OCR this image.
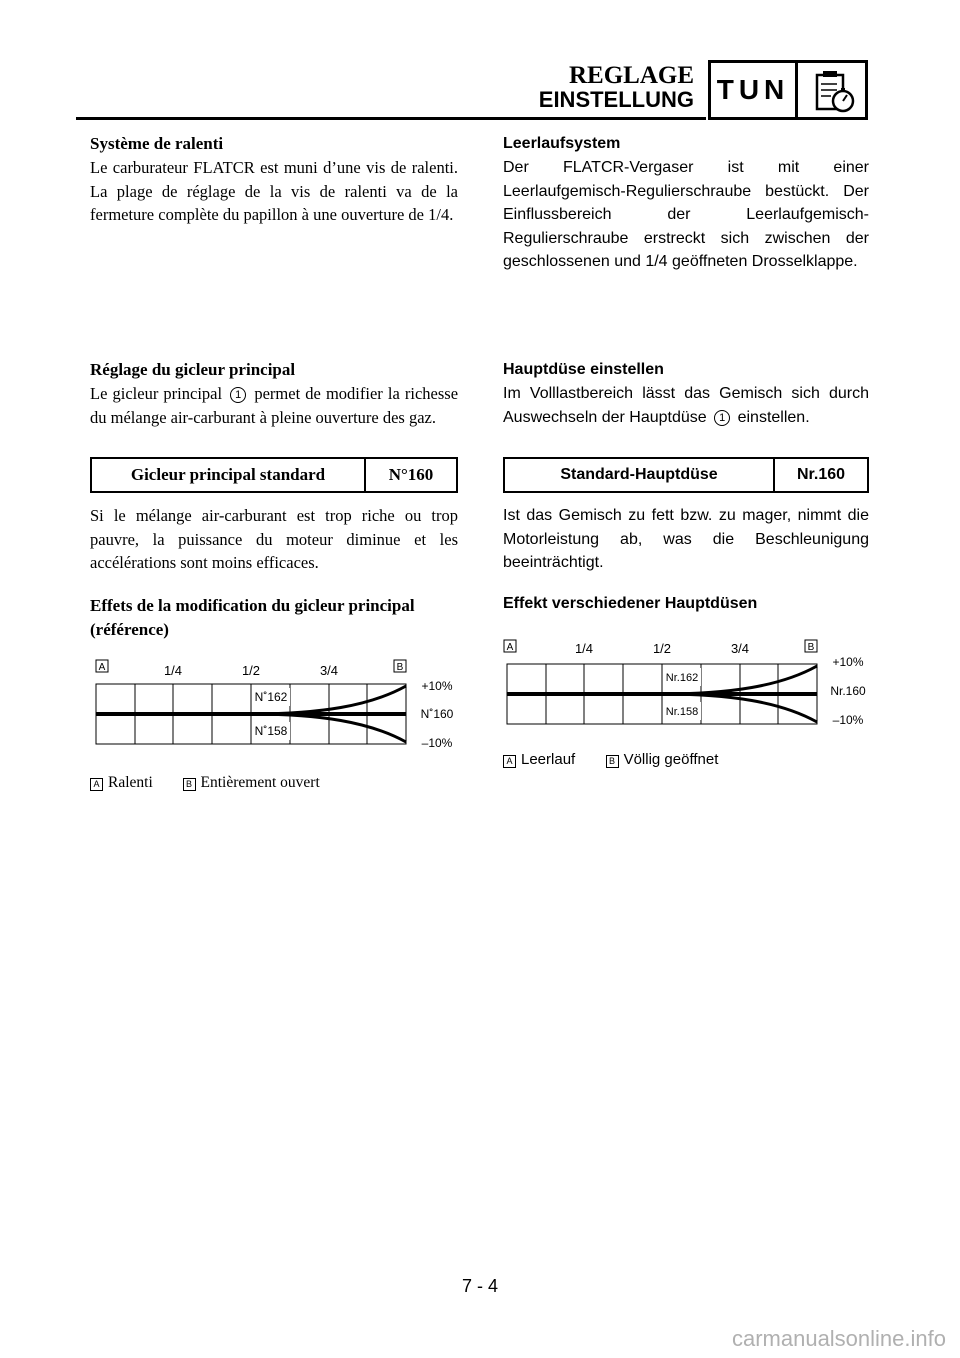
REGLAGE
EINSTELLUNG TUN
Système de ralenti

Le carburateur FLATCR est muni d’une vis de ralenti. La plage de réglage de la vis de ralenti va de la fermeture complète du papillon à une ouverture de 1/4.

Réglage du gicleur principal

Le gicleur principal 1 permet de modifier la richesse du mélange air-carburant à pleine ouverture des gaz.

Gicleur principal standard	N°160

Si le mélange air-carburant est trop riche ou trop pauvre, la puissance du moteur diminue et les accélérations sont moins efficaces.

Effets de la modification du gicleur principal
(référence)
A	B
1/4	1/2	3/4
N˚162
N˚158
+10%
N˚160
–10%
A Ralenti	B Entièrement ouvert
Leerlaufsystem

Der FLATCR-Vergaser ist mit einer Leerlaufgemisch-Regulierschraube bestückt. Der Einflussbereich der Leerlaufgemisch-Regulierschraube erstreckt sich zwischen der geschlossenen und 1/4 geöffneten Drosselklappe.

Hauptdüse einstellen

Im Volllastbereich lässt das Gemisch sich durch Auswechseln der Hauptdüse 1 einstellen.

Standard-Hauptdüse	Nr.160

Ist das Gemisch zu fett bzw. zu mager, nimmt die Motorleistung ab, was die Beschleunigung beeinträchtigt.

Effekt verschiedener Hauptdüsen
A	B
1/4	1/2	3/4
Nr.162
Nr.158
+10%
Nr.160
–10%
A Leerlauf	B Völlig geöffnet
7 - 4
carmanualsonline.info
